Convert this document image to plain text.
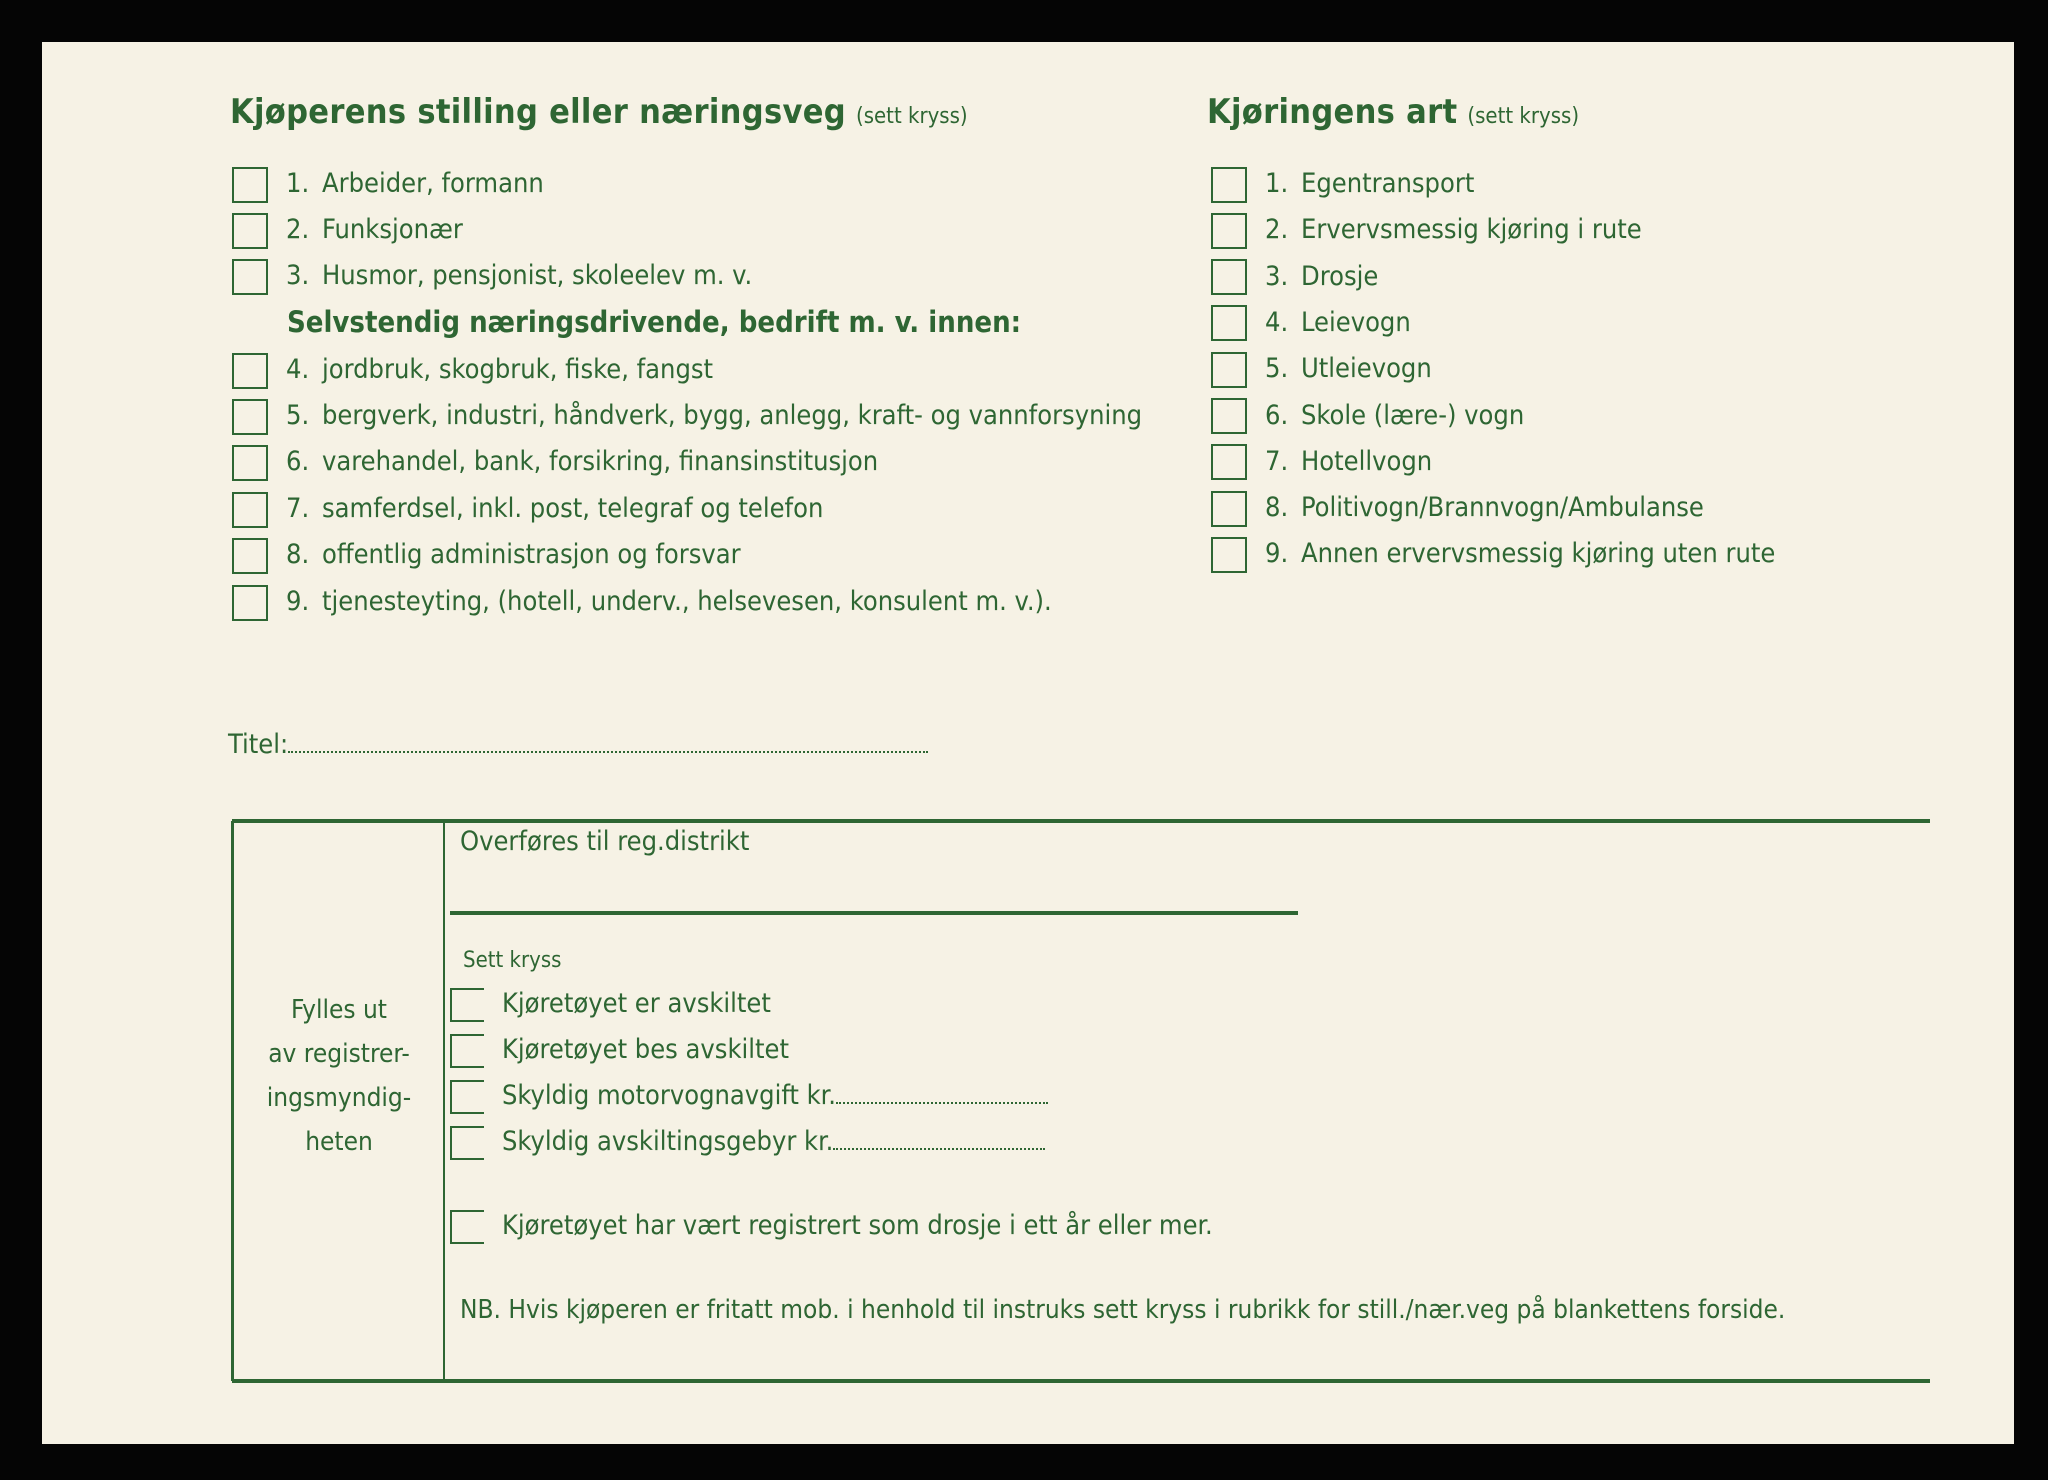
Kjøperens stilling eller næringsveg (sett kryss)	Kjøringens art (sett kryss)
Selvstendig næringsdrivende, bedrift m. v. innen:
Titel:
Fylles ut
av registrer-
ingsmyndig-
heten
Overføres til reg.distrikt
Sett kryss
Kjøretøyet har vært registrert som drosje i ett år eller mer.
NB. Hvis kjøperen er fritatt mob. i henhold til instruks sett kryss i rubrikk for still./nær.veg på blankettens forside.
1. Arbeider, formann
2. Funksjonær
3. Husmor, pensjonist, skoleelev m. v.
4. jordbruk, skogbruk, fiske, fangst
5. bergverk, industri, håndverk, bygg, anlegg, kraft- og vannforsyning
6. varehandel, bank, forsikring, finansinstitusjon
7. samferdsel, inkl. post, telegraf og telefon
8. offentlig administrasjon og forsvar
9. tjenesteyting, (hotell, underv., helsevesen, konsulent m. v.).
1. Egentransport
2. Ervervsmessig kjøring i rute
3. Drosje
4. Leievogn
5. Utleievogn
6. Skole (lære-) vogn
7. Hotellvogn
8. Politivogn/Brannvogn/Ambulanse
9. Annen ervervsmessig kjøring uten rute
Kjøretøyet er avskiltet
Kjøretøyet bes avskiltet
Skyldig motorvognavgift kr.
Skyldig avskiltingsgebyr kr.
